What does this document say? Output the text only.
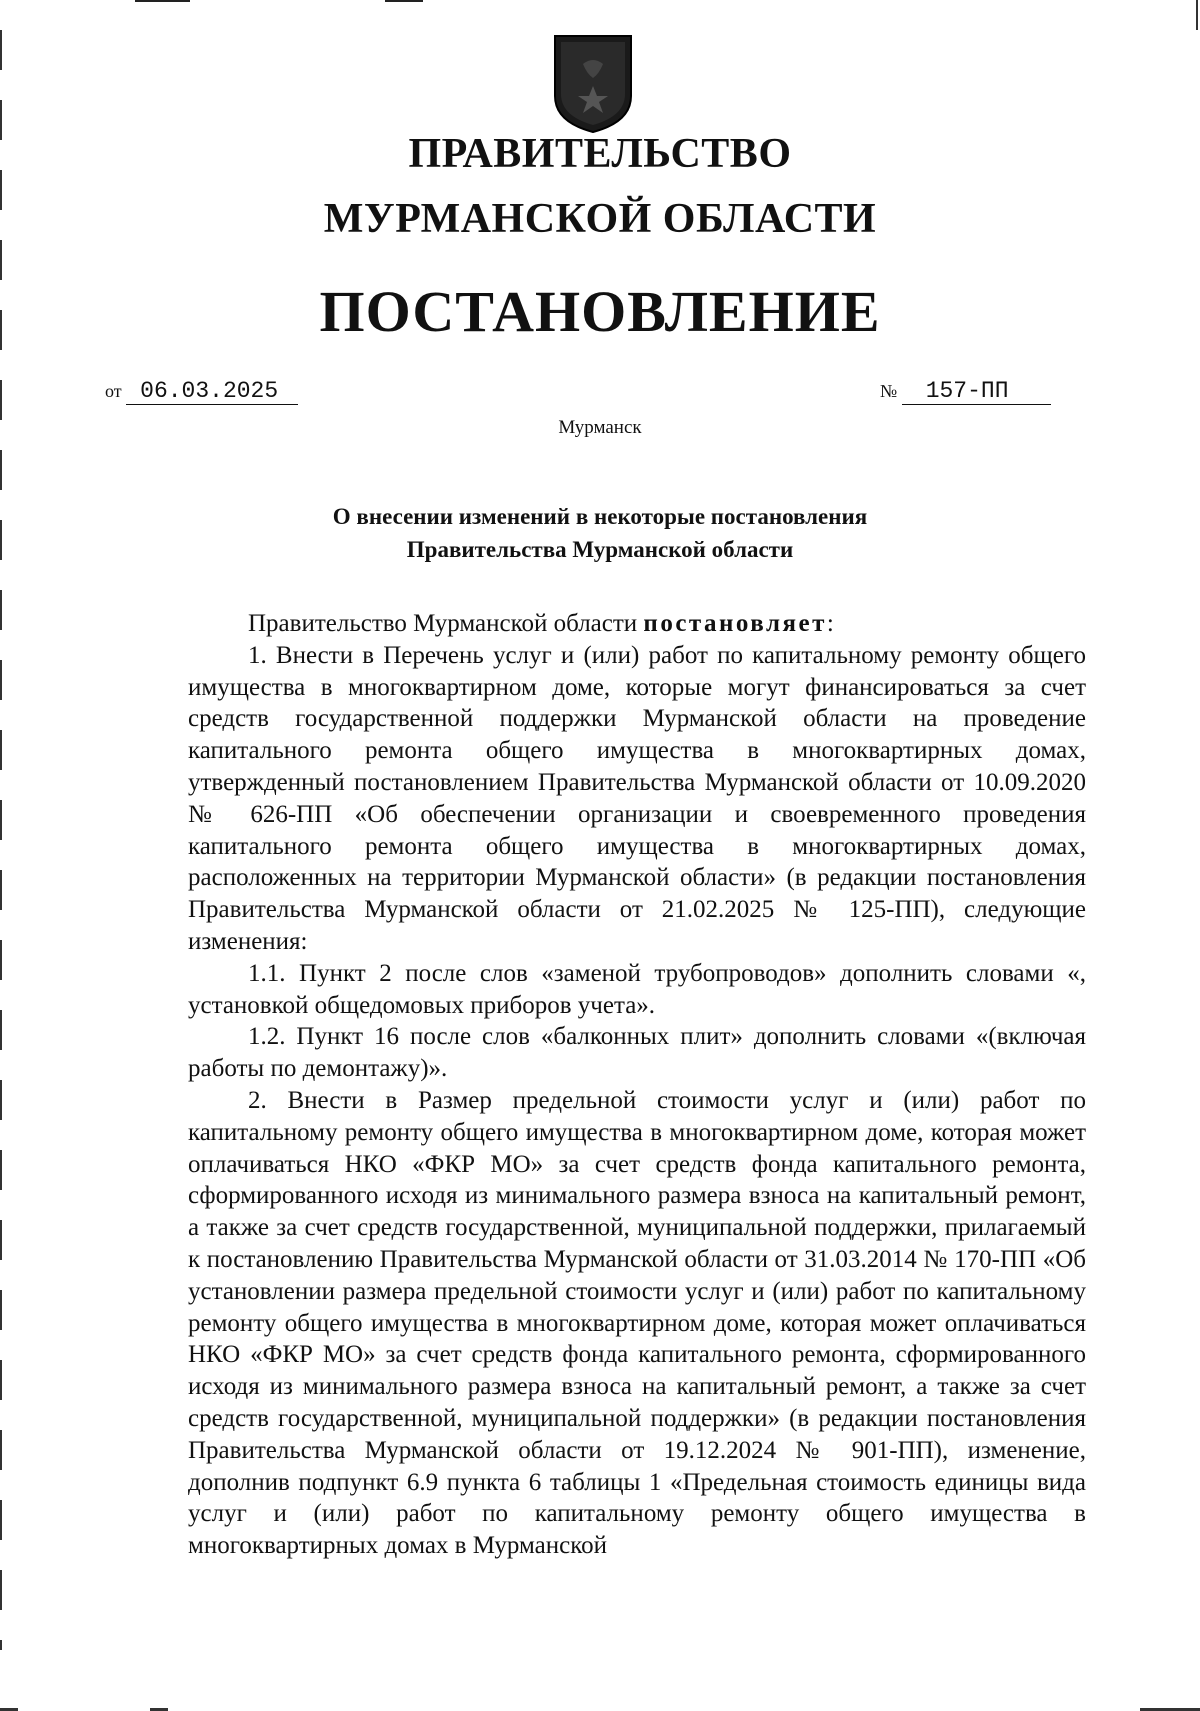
ПРАВИТЕЛЬСТВО
МУРМАНСКОЙ ОБЛАСТИ
ПОСТАНОВЛЕНИЕ
от 06.03.2025	№ 157-ПП
Мурманск
О внесении изменений в некоторые постановления
Правительства Мурманской области

Правительство Мурманской области постановляет:

1. Внести в Перечень услуг и (или) работ по капитальному ремонту общего имущества в многоквартирном доме, которые могут финансироваться за счет средств государственной поддержки Мурманской области на проведение капитального ремонта общего имущества в многоквартирных домах, утвержденный постановлением Правительства Мурманской области от 10.09.2020 № 626-ПП «Об обеспечении организации и своевременного проведения капитального ремонта общего имущества в многоквартирных домах, расположенных на территории Мурманской области» (в редакции постановления Правительства Мурманской области от 21.02.2025 № 125-ПП), следующие изменения:

1.1. Пункт 2 после слов «заменой трубопроводов» дополнить словами «, установкой общедомовых приборов учета».

1.2. Пункт 16 после слов «балконных плит» дополнить словами «(включая работы по демонтажу)».

2. Внести в Размер предельной стоимости услуг и (или) работ по капитальному ремонту общего имущества в многоквартирном доме, которая может оплачиваться НКО «ФКР МО» за счет средств фонда капитального ремонта, сформированного исходя из минимального размера взноса на капитальный ремонт, а также за счет средств государственной, муниципальной поддержки, прилагаемый к постановлению Правительства Мурманской области от 31.03.2014 № 170-ПП «Об установлении размера предельной стоимости услуг и (или) работ по капитальному ремонту общего имущества в многоквартирном доме, которая может оплачиваться НКО «ФКР МО» за счет средств фонда капитального ремонта, сформированного исходя из минимального размера взноса на капитальный ремонт, а также за счет средств государственной, муниципальной поддержки» (в редакции постановления Правительства Мурманской области от 19.12.2024 № 901-ПП), изменение, дополнив подпункт 6.9 пункта 6 таблицы 1 «Предельная стоимость единицы вида услуг и (или) работ по капитальному ремонту общего имущества в многоквартирных домах в Мурманской
